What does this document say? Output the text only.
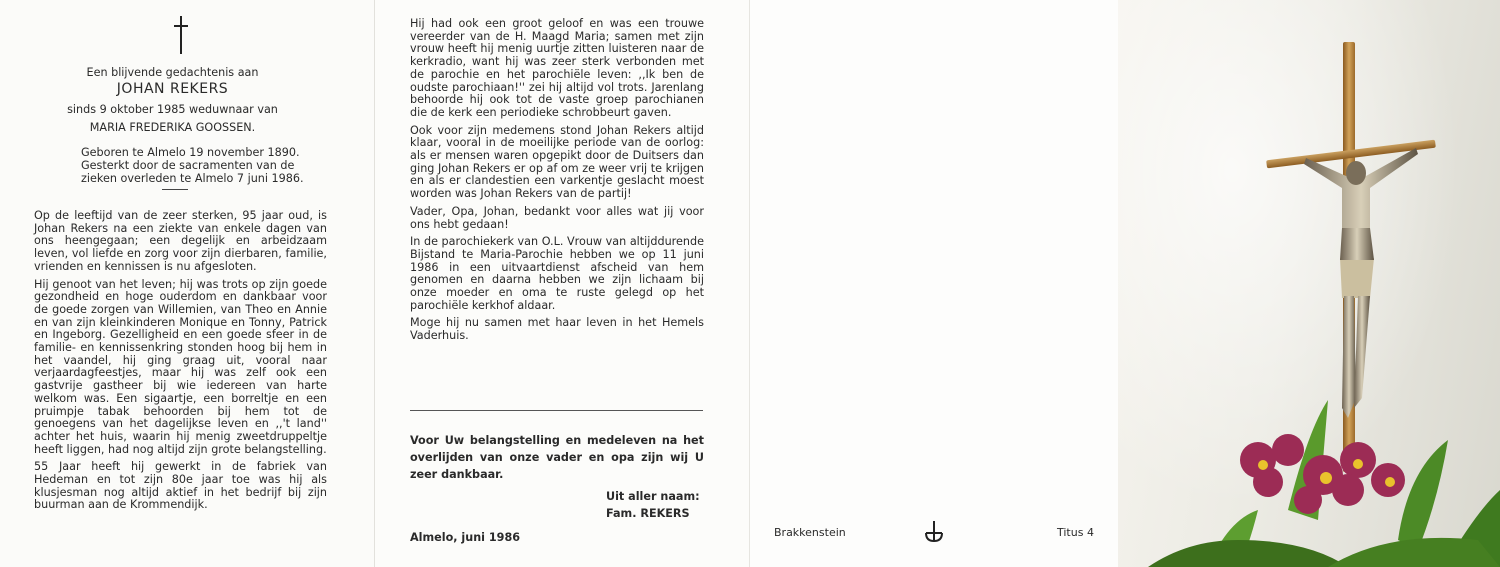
Een blijvende gedachtenis aan
JOHAN REKERS
sinds 9 oktober 1985 weduwnaar van
MARIA FREDERIKA GOOSSEN.
Geboren te Almelo 19 november 1890.
Gesterkt door de sacramenten van de
zieken overleden te Almelo 7 juni 1986.

Op de leeftijd van de zeer sterken, 95 jaar oud, is Johan Rekers na een ziekte van enkele dagen van ons heengegaan; een degelijk en arbeidzaam leven, vol liefde en zorg voor zijn dierbaren, familie, vrienden en kennissen is nu afgesloten.

Hij genoot van het leven; hij was trots op zijn goede gezondheid en hoge ouderdom en dankbaar voor de goede zorgen van Willemien, van Theo en Annie en van zijn kleinkinderen Monique en Tonny, Patrick en Ingeborg. Gezelligheid en een goede sfeer in de familie- en kennissenkring stonden hoog bij hem in het vaandel, hij ging graag uit, vooral naar verjaardagfeestjes, maar hij was zelf ook een gastvrije gastheer bij wie iedereen van harte welkom was. Een sigaartje, een borreltje en een pruimpje tabak behoorden bij hem tot de genoegens van het dagelijkse leven en ,,'t land'' achter het huis, waarin hij menig zweetdruppeltje heeft liggen, had nog altijd zijn grote belangstelling.

55 Jaar heeft hij gewerkt in de fabriek van Hedeman en tot zijn 80e jaar toe was hij als klusjesman nog altijd aktief in het bedrijf bij zijn buurman aan de Krommendijk.

Hij had ook een groot geloof en was een trouwe vereerder van de H. Maagd Maria; samen met zijn vrouw heeft hij menig uurtje zitten luisteren naar de kerkradio, want hij was zeer sterk verbonden met de parochie en het parochiële leven: ,,Ik ben de oudste parochiaan!'' zei hij altijd vol trots. Jarenlang behoorde hij ook tot de vaste groep parochianen die de kerk een periodieke schrobbeurt gaven.

Ook voor zijn medemens stond Johan Rekers altijd klaar, vooral in de moeilijke periode van de oorlog: als er mensen waren opgepikt door de Duitsers dan ging Johan Rekers er op af om ze weer vrij te krijgen en als er clandestien een varkentje geslacht moest worden was Johan Rekers van de partij!

Vader, Opa, Johan, bedankt voor alles wat jij voor ons hebt gedaan!

In de parochiekerk van O.L. Vrouw van altijddurende Bijstand te Maria-Parochie hebben we op 11 juni 1986 in een uitvaartdienst afscheid van hem genomen en daarna hebben we zijn lichaam bij onze moeder en oma te ruste gelegd op het parochiële kerkhof aldaar.

Moge hij nu samen met haar leven in het Hemels Vaderhuis.

Voor Uw belangstelling en medeleven na het overlijden van onze vader en opa zijn wij U zeer dankbaar.
Uit aller naam:
Fam. REKERS
Almelo, juni 1986	Brakkenstein	Titus 4
